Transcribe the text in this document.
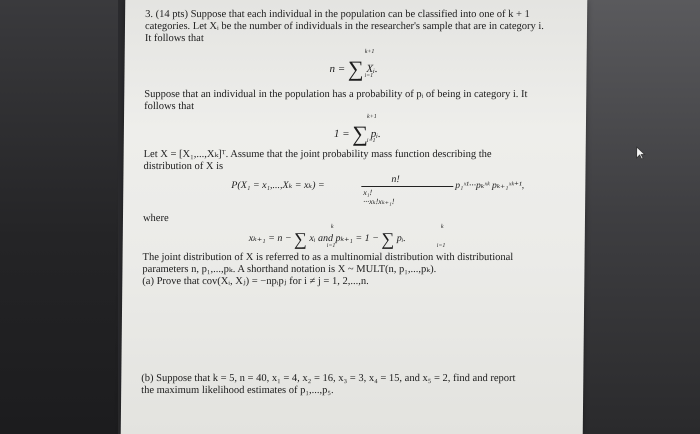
3. (14 pts) Suppose that each individual in the population can be classified into one of k + 1
categories. Let Xᵢ be the number of individuals in the researcher's sample that are in category i.
It follows that
n = ∑ Xᵢ.
k+1
i=1
Suppose that an individual in the population has a probability of pᵢ of being in category i. It
follows that
1 = ∑ pᵢ.
k+1
i=1
Let X = [X₁,...,Xₖ]ᵀ. Assume that the joint probability mass function describing the
distribution of X is
P(X₁ = x₁,...,Xₖ = xₖ) =
n!
x₁!···xₖ!xₖ₊₁!
p₁ˣ¹···pₖˣᵏ pₖ₊₁ˣᵏ⁺¹,
where
xₖ₊₁ = n − ∑ xᵢ and pₖ₊₁ = 1 − ∑ pᵢ.
k
i=1
k
i=1
The joint distribution of X is referred to as a multinomial distribution with distributional
parameters n, p₁,...,pₖ. A shorthand notation is X ~ MULT(n, p₁,...,pₖ).
(a) Prove that cov(Xᵢ, Xⱼ) = −npᵢpⱼ for i ≠ j = 1, 2,...,n.
(b) Suppose that k = 5, n = 40, x₁ = 4, x₂ = 16, x₃ = 3, x₄ = 15, and x₅ = 2, find and report
the maximum likelihood estimates of p₁,...,p₅.
